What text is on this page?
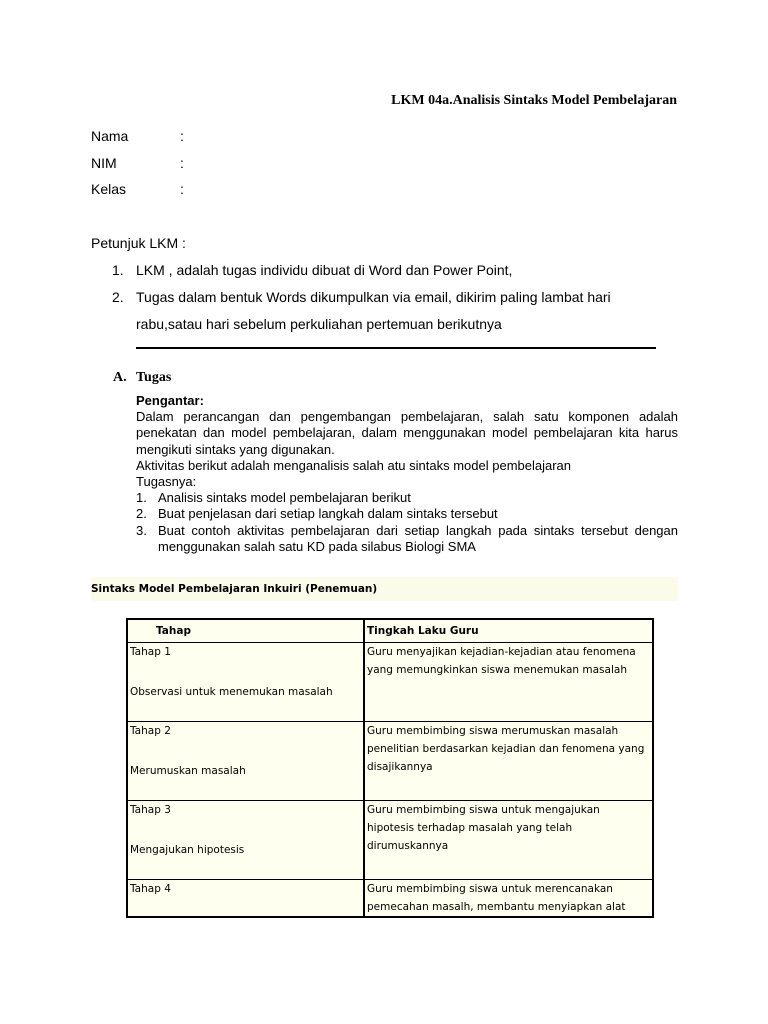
LKM 04a.Analisis Sintaks Model Pembelajaran
Nama	:
NIM	:
Kelas	:
Petunjuk LKM :
1. LKM , adalah tugas individu dibuat di Word dan Power Point,
2. Tugas dalam bentuk Words dikumpulkan via email, dikirim paling lambat hari
rabu,satau hari sebelum perkuliahan pertemuan berikutnya
A. Tugas

Pengantar:

Dalam perancangan dan pengembangan pembelajaran, salah satu komponen adalah penekatan dan model pembelajaran, dalam menggunakan model pembelajaran kita harus mengikuti sintaks yang digunakan.

Aktivitas berikut adalah menganalisis salah atu sintaks model pembelajaran

Tugasnya:

1. Analisis sintaks model pembelajaran berikut
2. Buat penjelasan dari setiap langkah dalam sintaks tersebut
3. Buat contoh aktivitas pembelajaran dari setiap langkah pada sintaks tersebut dengan menggunakan salah satu KD pada silabus Biologi SMA
Sintaks Model Pembelajaran Inkuiri (Penemuan)
Tahap	Tingkah Laku Guru

Tahap 1
Observasi untuk menemukan masalah	Guru menyajikan kejadian-kejadian atau fenomena yang memungkinkan siswa menemukan masalah

Tahap 2
Merumuskan masalah	Guru membimbing siswa merumuskan masalah penelitian berdasarkan kejadian dan fenomena yang disajikannya

Tahap 3
Mengajukan hipotesis	Guru membimbing siswa untuk mengajukan hipotesis terhadap masalah yang telah dirumuskannya

Tahap 4	Guru membimbing siswa untuk merencanakan pemecahan masalh, membantu menyiapkan alat
